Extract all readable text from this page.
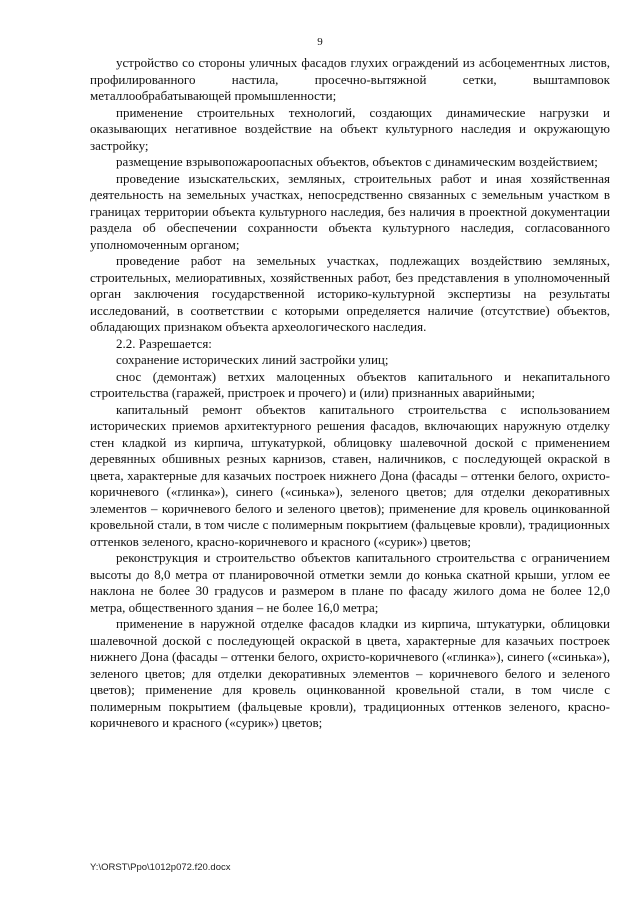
9

устройство со стороны уличных фасадов глухих ограждений из асбоцементных листов, профилированного настила, просечно-вытяжной сетки, выштамповок металлообрабатывающей промышленности;

применение строительных технологий, создающих динамические нагрузки и оказывающих негативное воздействие на объект культурного наследия и окружающую застройку;

размещение взрывопожароопасных объектов, объектов с динамическим воздействием;

проведение изыскательских, земляных, строительных работ и иная хозяйственная деятельность на земельных участках, непосредственно связанных с земельным участком в границах территории объекта культурного наследия, без наличия в проектной документации раздела об обеспечении сохранности объекта культурного наследия, согласованного уполномоченным органом;

проведение работ на земельных участках, подлежащих воздействию земляных, строительных, мелиоративных, хозяйственных работ, без представления в уполномоченный орган заключения государственной историко-культурной экспертизы на результаты исследований, в соответствии с которыми определяется наличие (отсутствие) объектов, обладающих признаком объекта археологического наследия.

2.2. Разрешается:

сохранение исторических линий застройки улиц;

снос (демонтаж) ветхих малоценных объектов капитального и некапитального строительства (гаражей, пристроек и прочего) и (или) признанных аварийными;

капитальный ремонт объектов капитального строительства с использованием исторических приемов архитектурного решения фасадов, включающих наружную отделку стен кладкой из кирпича, штукатуркой, облицовку шалевочной доской с применением деревянных обшивных резных карнизов, ставен, наличников, с последующей окраской в цвета, характерные для казачьих построек нижнего Дона (фасады – оттенки белого, охристо-коричневого («глинка»), синего («синька»), зеленого цветов; для отделки декоративных элементов – коричневого белого и зеленого цветов); применение для кровель оцинкованной кровельной стали, в том числе с полимерным покрытием (фальцевые кровли), традиционных оттенков зеленого, красно-коричневого и красного («сурик») цветов;

реконструкция и строительство объектов капитального строительства с ограничением высоты до 8,0 метра от планировочной отметки земли до конька скатной крыши, углом ее наклона не более 30 градусов и размером в плане по фасаду жилого дома не более 12,0 метра, общественного здания – не более 16,0 метра;

применение в наружной отделке фасадов кладки из кирпича, штукатурки, облицовки шалевочной доской с последующей окраской в цвета, характерные для казачьих построек нижнего Дона (фасады – оттенки белого, охристо-коричневого («глинка»), синего («синька»), зеленого цветов; для отделки декоративных элементов – коричневого белого и зеленого цветов); применение для кровель оцинкованной кровельной стали, в том числе с полимерным покрытием (фальцевые кровли), традиционных оттенков зеленого, красно-коричневого и красного («сурик») цветов;

Y:\ORST\Ppo\1012p072.f20.docx
